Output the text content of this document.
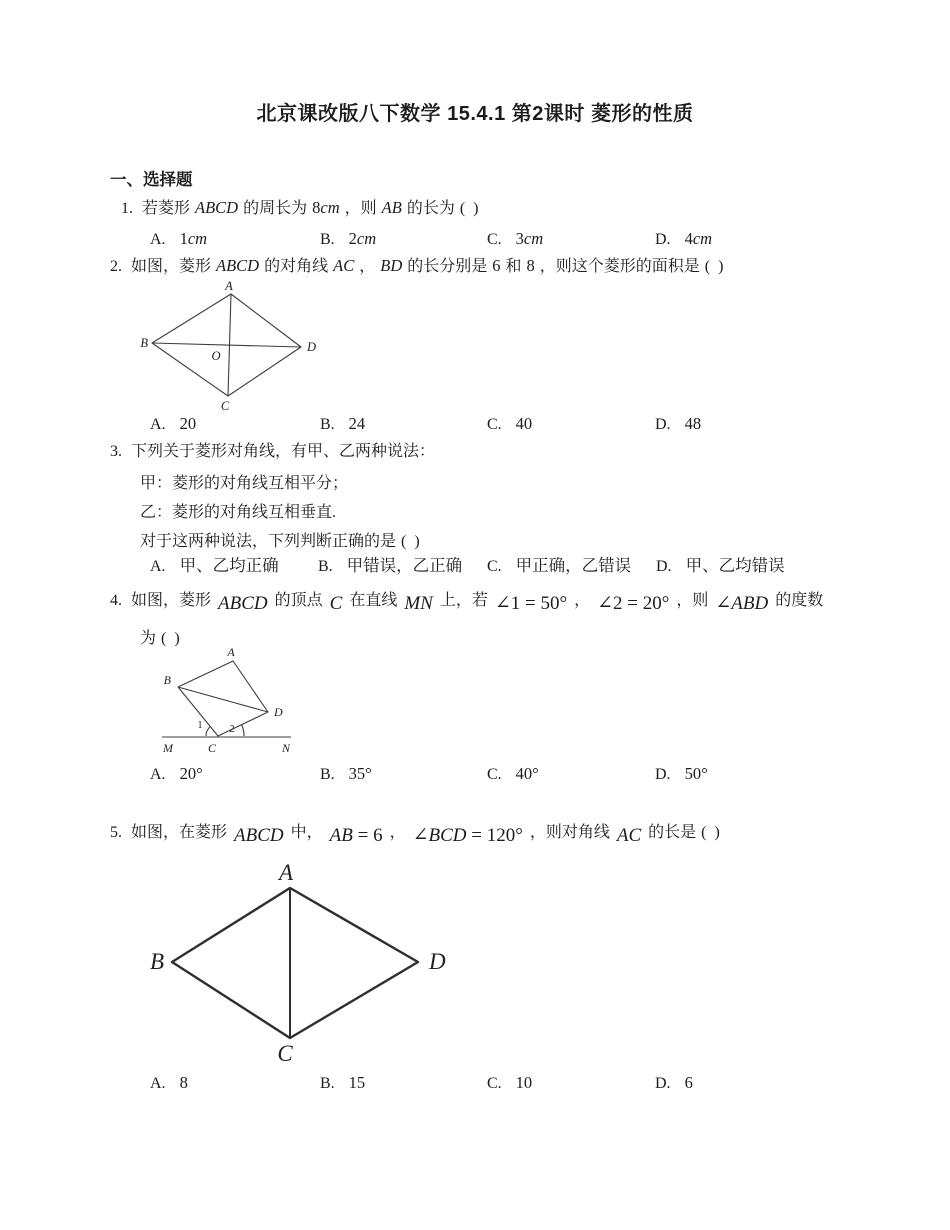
北京课改版八下数学 15.4.1 第2课时 菱形的性质
一、选择题
1. 若菱形 ABCD 的周长为 8cm ，则 AB 的长为 ( )
A. 1cm	B. 2cm	C. 3cm	D. 4cm
2. 如图，菱形 ABCD 的对角线 AC ， BD 的长分别是 6 和 8 ，则这个菱形的面积是 ( )
A
B	D
C
O
A. 20	B. 24	C. 40	D. 48
3. 下列关于菱形对角线，有甲、乙两种说法：
甲：菱形的对角线互相平分；
乙：菱形的对角线互相垂直.
对于这两种说法，下列判断正确的是 ( )
A. 甲、乙均正确 B. 甲错误，乙正确 C. 甲正确，乙错误 D. 甲、乙均错误
4. 如图，菱形 ABCD 的顶点 C 在直线 MN 上，若 ∠1 = 50° ， ∠2 = 20° ，则 ∠ABD 的度数
为 ( )
A
B
D
C
M	N
1	2
A. 20°	B. 35°	C. 40°	D. 50°
5. 如图，在菱形 ABCD 中， AB = 6 ， ∠BCD = 120° ，则对角线 AC 的长是 ( )
A
B	D
C
A. 8	B. 15	C. 10	D. 6
